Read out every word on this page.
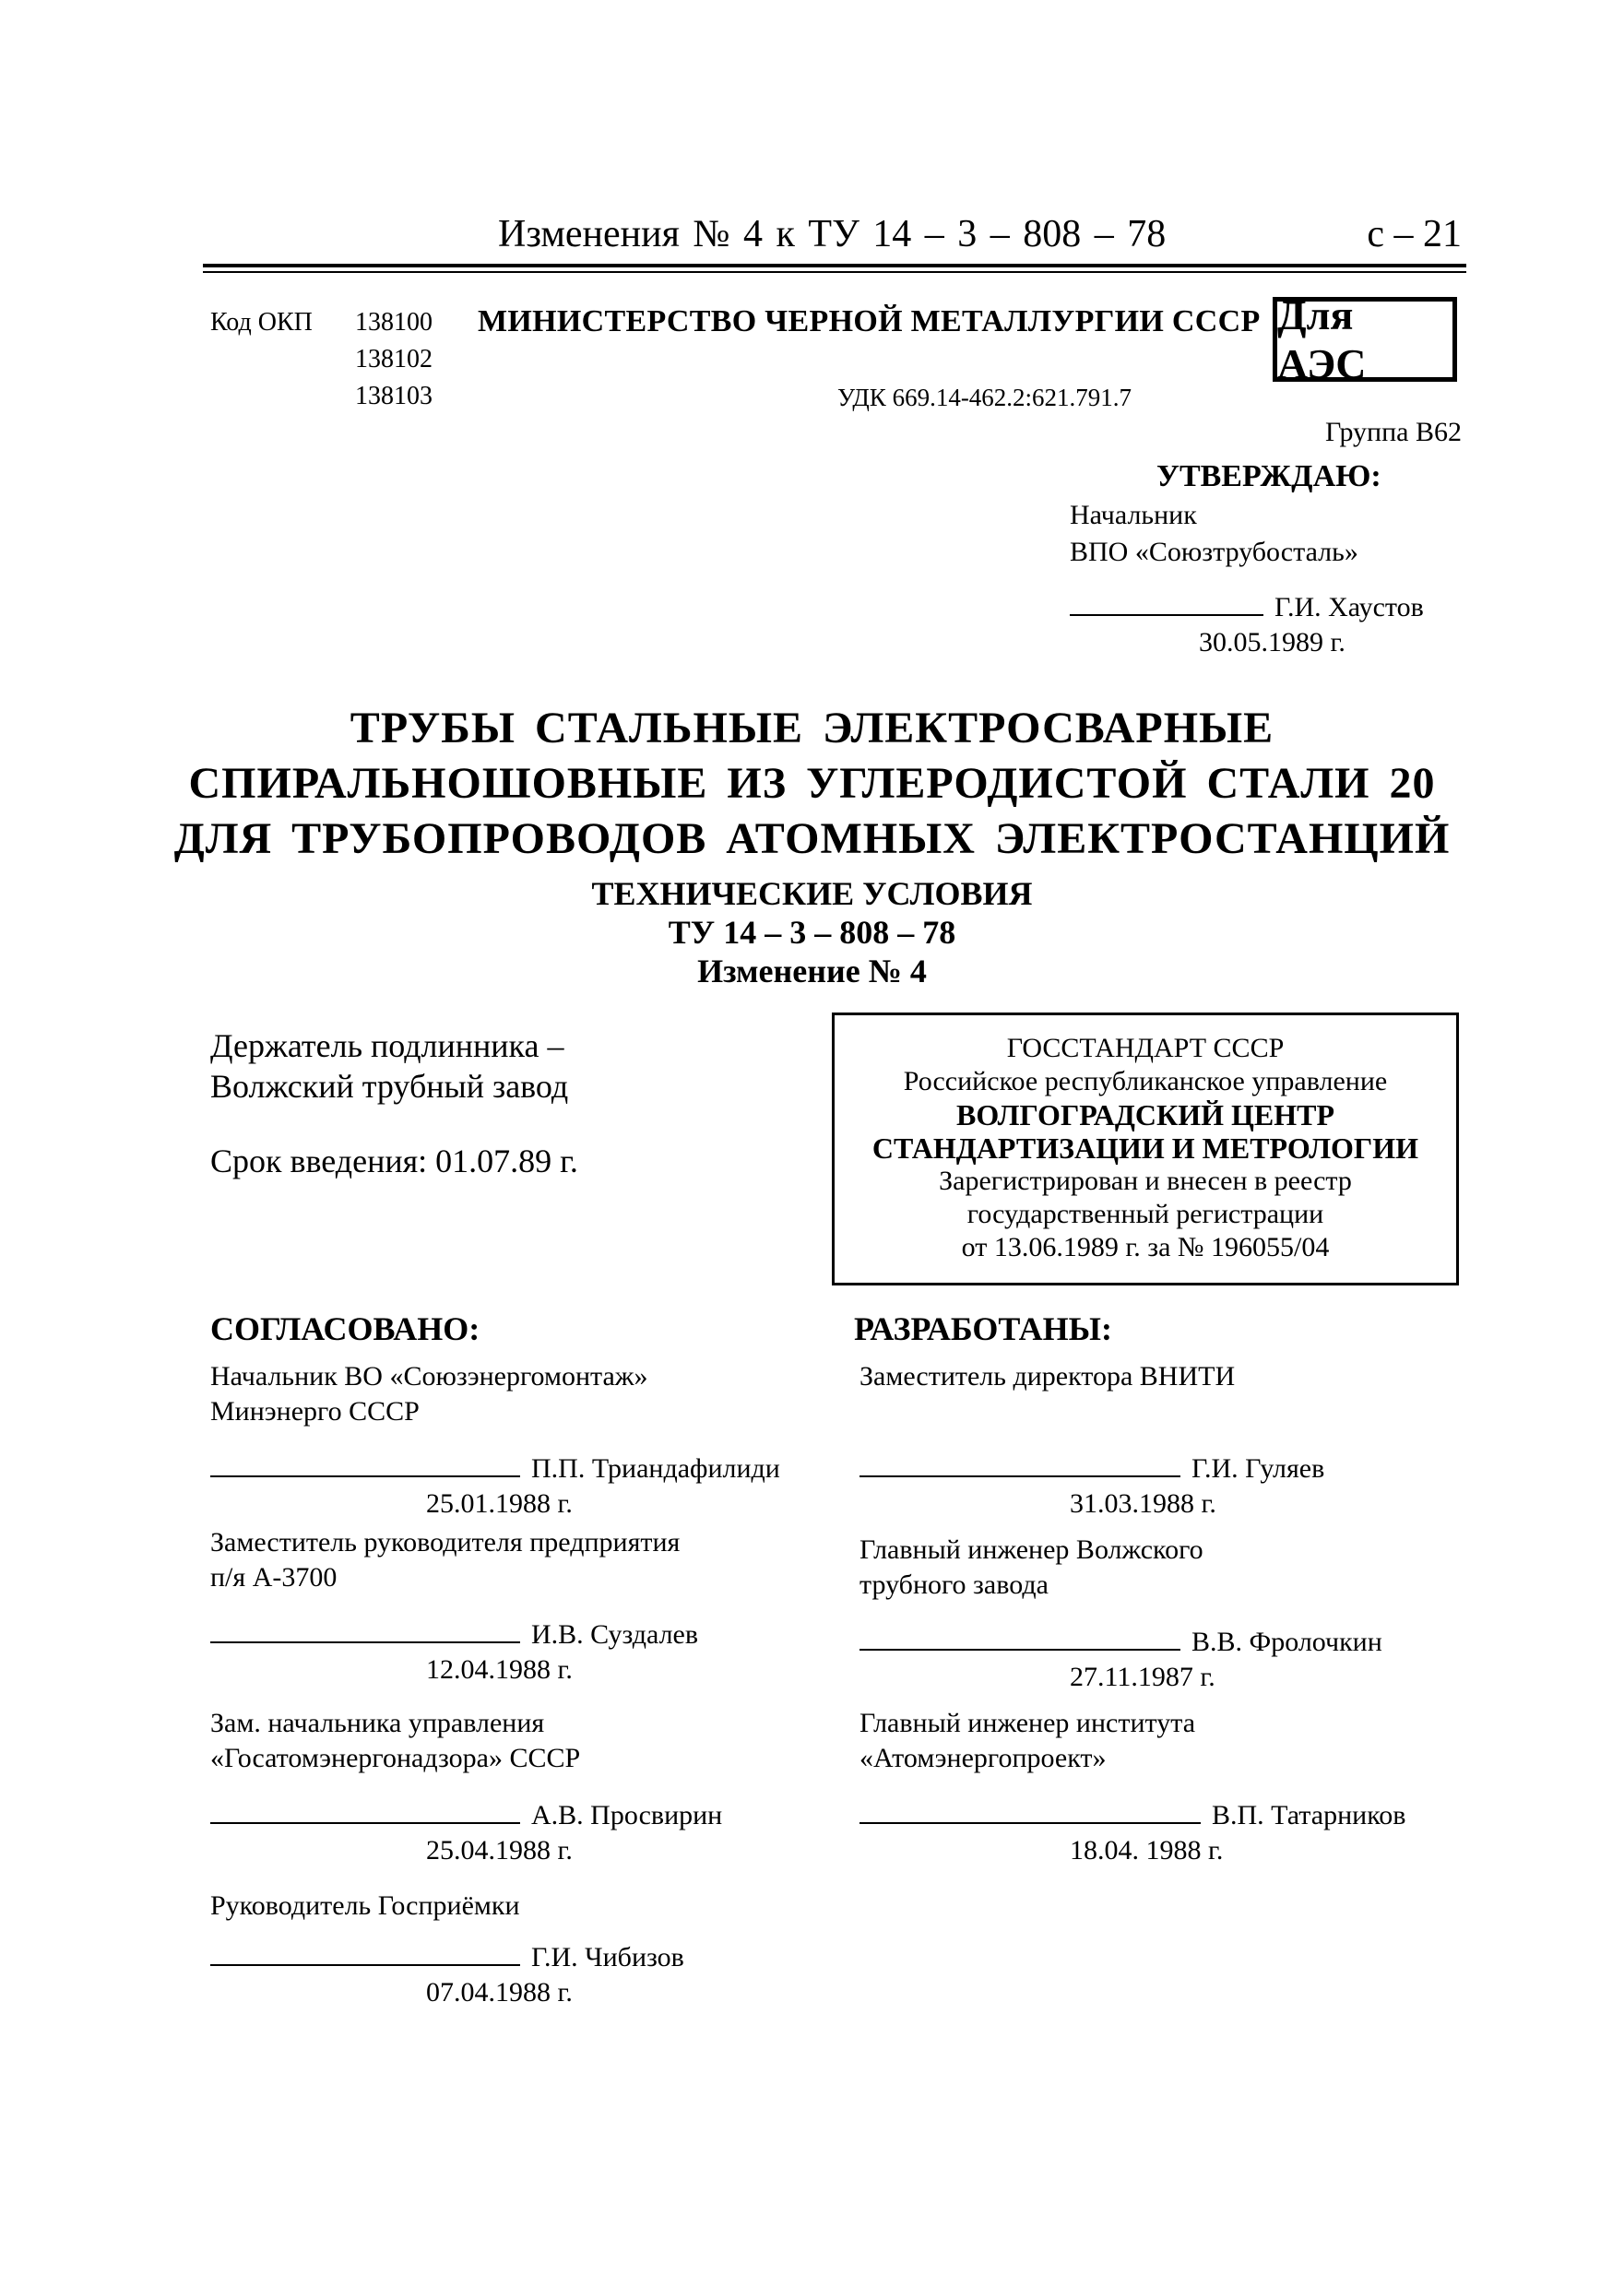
Изменения № 4 к ТУ 14 – 3 – 808 – 78	с – 21
Код ОКП 138100
138102
138103
МИНИСТЕРСТВО ЧЕРНОЙ МЕТАЛЛУРГИИ СССР
УДК 669.14-462.2:621.791.7
Для АЭС
Группа В62
УТВЕРЖДАЮ:
Начальник
ВПО «Союзтрубосталь»
Г.И. Хаустов
30.05.1989 г.
ТРУБЫ СТАЛЬНЫЕ ЭЛЕКТРОСВАРНЫЕ
СПИРАЛЬНОШОВНЫЕ ИЗ УГЛЕРОДИСТОЙ СТАЛИ 20
ДЛЯ ТРУБОПРОВОДОВ АТОМНЫХ ЭЛЕКТРОСТАНЦИЙ
ТЕХНИЧЕСКИЕ УСЛОВИЯ
ТУ 14 – 3 – 808 – 78
Изменение № 4
Держатель подлинника –
Волжский трубный завод
Срок введения: 01.07.89 г.
ГОССТАНДАРТ СССР
Российское республиканское управление
ВОЛГОГРАДСКИЙ ЦЕНТР
СТАНДАРТИЗАЦИИ И МЕТРОЛОГИИ
Зарегистрирован и внесен в реестр
государственный регистрации
от 13.06.1989 г. за № 196055/04
СОГЛАСОВАНО:
Начальник ВО «Союзэнергомонтаж»
Минэнерго СССР
П.П. Триандафилиди
25.01.1988 г.
Заместитель руководителя предприятия
п/я А-3700
И.В. Суздалев
12.04.1988 г.
Зам. начальника управления
«Госатомэнергонадзора» СССР
А.В. Просвирин
25.04.1988 г.
Руководитель Госприёмки
Г.И. Чибизов
07.04.1988 г.
РАЗРАБОТАНЫ:
Заместитель директора ВНИТИ
Г.И. Гуляев
31.03.1988 г.
Главный инженер Волжского
трубного завода
В.В. Фролочкин
27.11.1987 г.
Главный инженер института
«Атомэнергопроект»
В.П. Татарников
18.04. 1988 г.
